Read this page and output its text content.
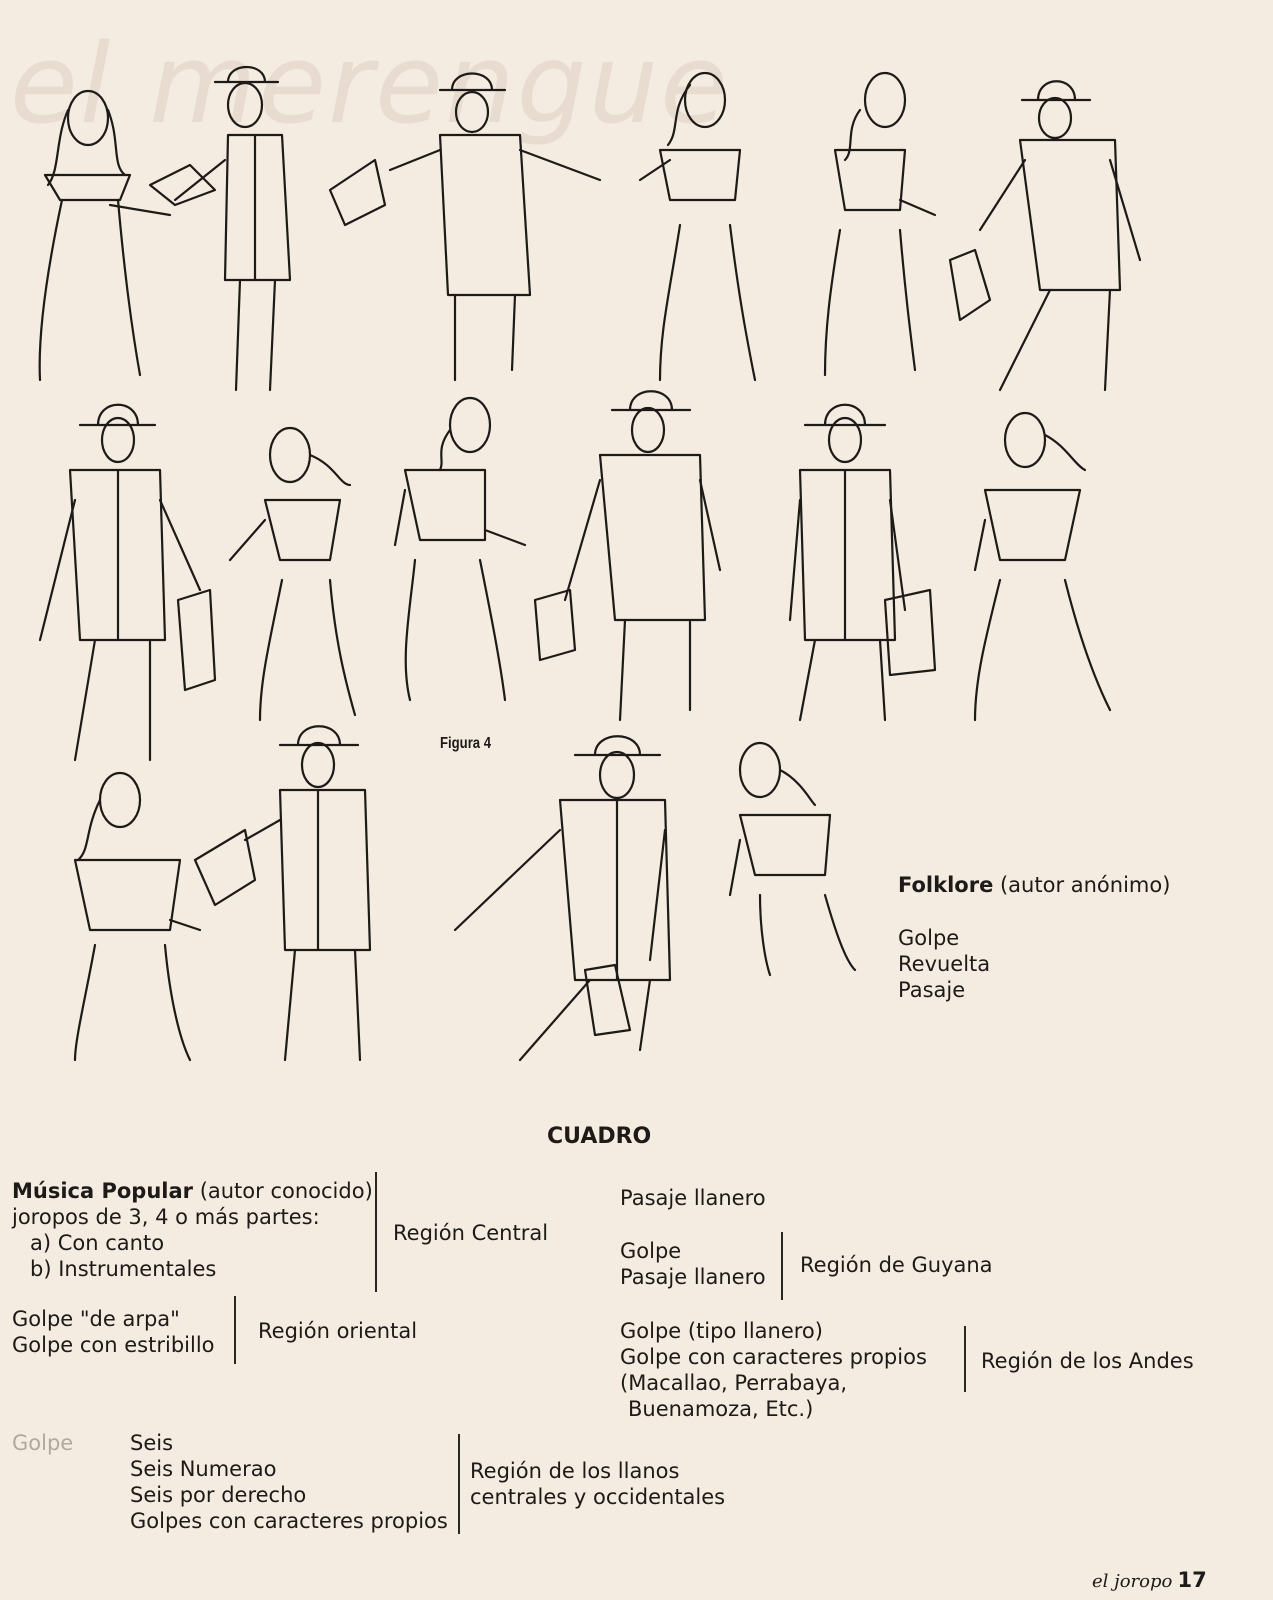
el merengue
Figura 4
Folklore (autor anónimo)
Golpe
Revuelta
Pasaje
CUADRO
Música Popular (autor conocido)
joropos de 3, 4 o más partes:
a) Con canto
b) Instrumentales
Región Central
Golpe "de arpa"
Golpe con estribillo
Región oriental
Golpe	Seis
Seis Numerao
Seis por derecho
Golpes con caracteres propios
Región de los llanos
centrales y occidentales
Pasaje llanero
Golpe
Pasaje llanero Región de Guyana
Golpe (tipo llanero)
Golpe con caracteres propios
(Macallao, Perrabaya,
Buenamoza, Etc.)
Región de los Andes
el joropo 17
